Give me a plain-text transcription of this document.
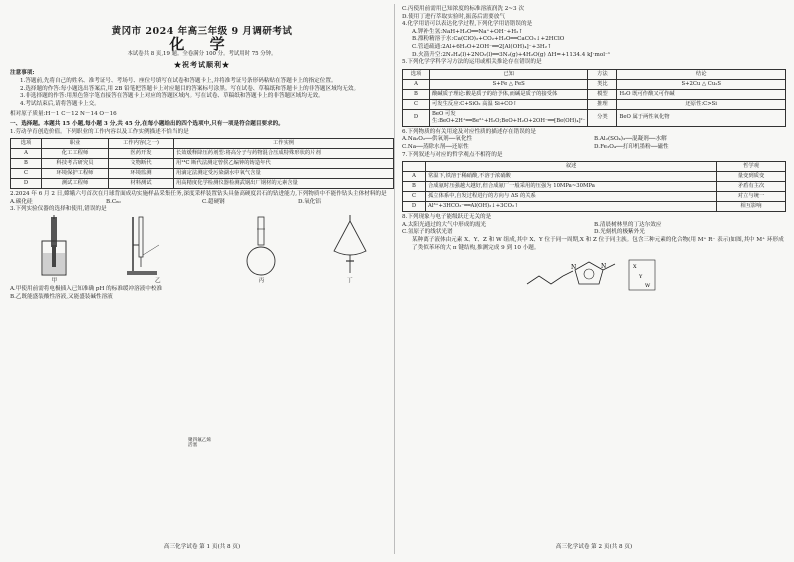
黄冈市 2024 年高三年级 9 月调研考试
化 学
本试卷共 8 页,19 题。全卷满分 100 分。考试用时 75 分钟。
★祝考试顺利★

注意事项:

1.答题前,先将自己的姓名、准考证号、考场号、座位号填写在试卷和答题卡上,并将准考证号条形码粘贴在答题卡上的指定位置。

2.选择题的作答:每小题选出答案后,用 2B 铅笔把答题卡上对应题目的答案标号涂黑。写在试卷、草稿纸和答题卡上的非答题区域均无效。

3.非选择题的作答:用黑色签字笔直接答在答题卡上对应的答题区域内。写在试卷、草稿纸和答题卡上的非答题区域均无效。

4.考试结束后,请将答题卡上交。

相对原子质量:H－1 C－12 N－14 O－16

一、选择题。本题共 15 小题,每小题 3 分,共 45 分,在每小题给出的四个选项中,只有一项是符合题目要求的。

1.劳动孕育创造价值。下列职业的工作内容以及工作实例描述不恰当的是

选项	职业	工作内容(之一)	工作实例
A	化工工程师	医药开发	长效缓释降压药剂型:将高分子与药物混合压成特殊形状的片剂
B	科技考古研究员	文物断代	用¹⁴C 断代法测定曾侯乙编钟的铸造年代
C	环境保护工程师	环境监测	用滴定法测定受污染湖水中氧气含量
D	测试工程师	材料测试	用高精度化学检测仪器检测武钢出厂钢材的元素含量

2.2024 年 6 月 2 日,嫦娥六号首次在月球背面成功实施样品采集任务,深度采样装置钻头具备高硬度岩石的钻进能力,下列物质中不能作钻头主体材料的是

A.碳化硅	B.C₆₀	C.超硬钢	D.氧化铝

3.下列实验仪器的选择和使用,错误的是

甲	乙	丙	丁
聚四氟乙烯活塞

A.甲使用前需将电极插入已知准确 pH 的标准缓冲溶液中校准

B.乙既能盛装酸性溶液,又能盛装碱性溶液

高三化学试卷 第 1 页(共 8 页)

C.丙使用前需用已知浓度的标准溶液润洗 2~3 次

D.使用丁进行萃取实验时,振荡后需要放气

4.化学用语可以表达化学过程,下列化学用语错误的是

A.钾补生氢:NaH+H₂O══Na⁺+OH⁻+H₂↑

B.漂粉精溶于水:Ca(ClO)₂+CO₂+H₂O══CaCO₃↓+2HClO

C.管道疏通:2Al+6H₂O+2OH⁻══2[Al(OH)₄]⁻+3H₂↑

D.火箭升空:2N₂H₄(l)+2NO₂(l)══3N₂(g)+4H₂O(g) ΔH=+1134.4 kJ·mol⁻¹

5.下列化学学科学习方法的运用或相关推论存在错误的是

选项	已知	方法	结论
A	S+Fe △ FeS	类比	S+2Cu △ Cu₂S
B	酸碱质子理论:酸是质子的给予体,而碱是质子的接受体	模型	H₂O 既可作酸又可作碱
C	可发生反应:C+SiO₂ 高温 Si+CO↑	推理	还原性:C>Si
D	BeO 可发生:BeO+2H⁺══Be²⁺+H₂O;BeO+H₂O+2OH⁻══[Be(OH)₄]²⁻	分类	BeO 属于两性氧化物

6.下列物质的有关用途及对应性质的描述存在错误的是

A.Na₂O₂──供氧剂──氧化性	B.Al₂(SO₄)₃──混凝剂──水解
C.Na──蒸除水剂──还原性	D.Fe₃O₄──打印机墨粉──磁性

7.下列叙述与对应的哲学观点不相符的是

	叙述	哲学观
A	常温下,铁溶于稀硝酸,不溶于浓硝酸	量变到质变
B	合成氨时压强越大越好,但合成氨厂一般采用的压强为 10MPa~30MPa	矛盾有主次
C	孤立体系中,自发过程进行的方向与 ΔS 的关系	对立与统一
D	Al³⁺+3HCO₃⁻══Al(OH)₃↓+3CO₂↑	相互影响

8.下列现象与电子能级跃迁无关的是

A.太阳光通过的大气中形成的霞光	B.清晨树林里的丁达尔效应
C.氢原子的线状光谱	D.光刻机的极紫外光

某种离子液体由元素 X、Y、Z 和 W 组成,其中 X、Y 位于同一周期,X 和 Z 位于同主族。包含三种元素的化合物(用 M⁺ R⁻ 表示)如图,其中 M⁺ 环形成了类似苯环的大 π 键结构,推测完成 9 到 10 小题。

N	N	X
Y
W
高三化学试卷 第 2 页(共 8 页)
